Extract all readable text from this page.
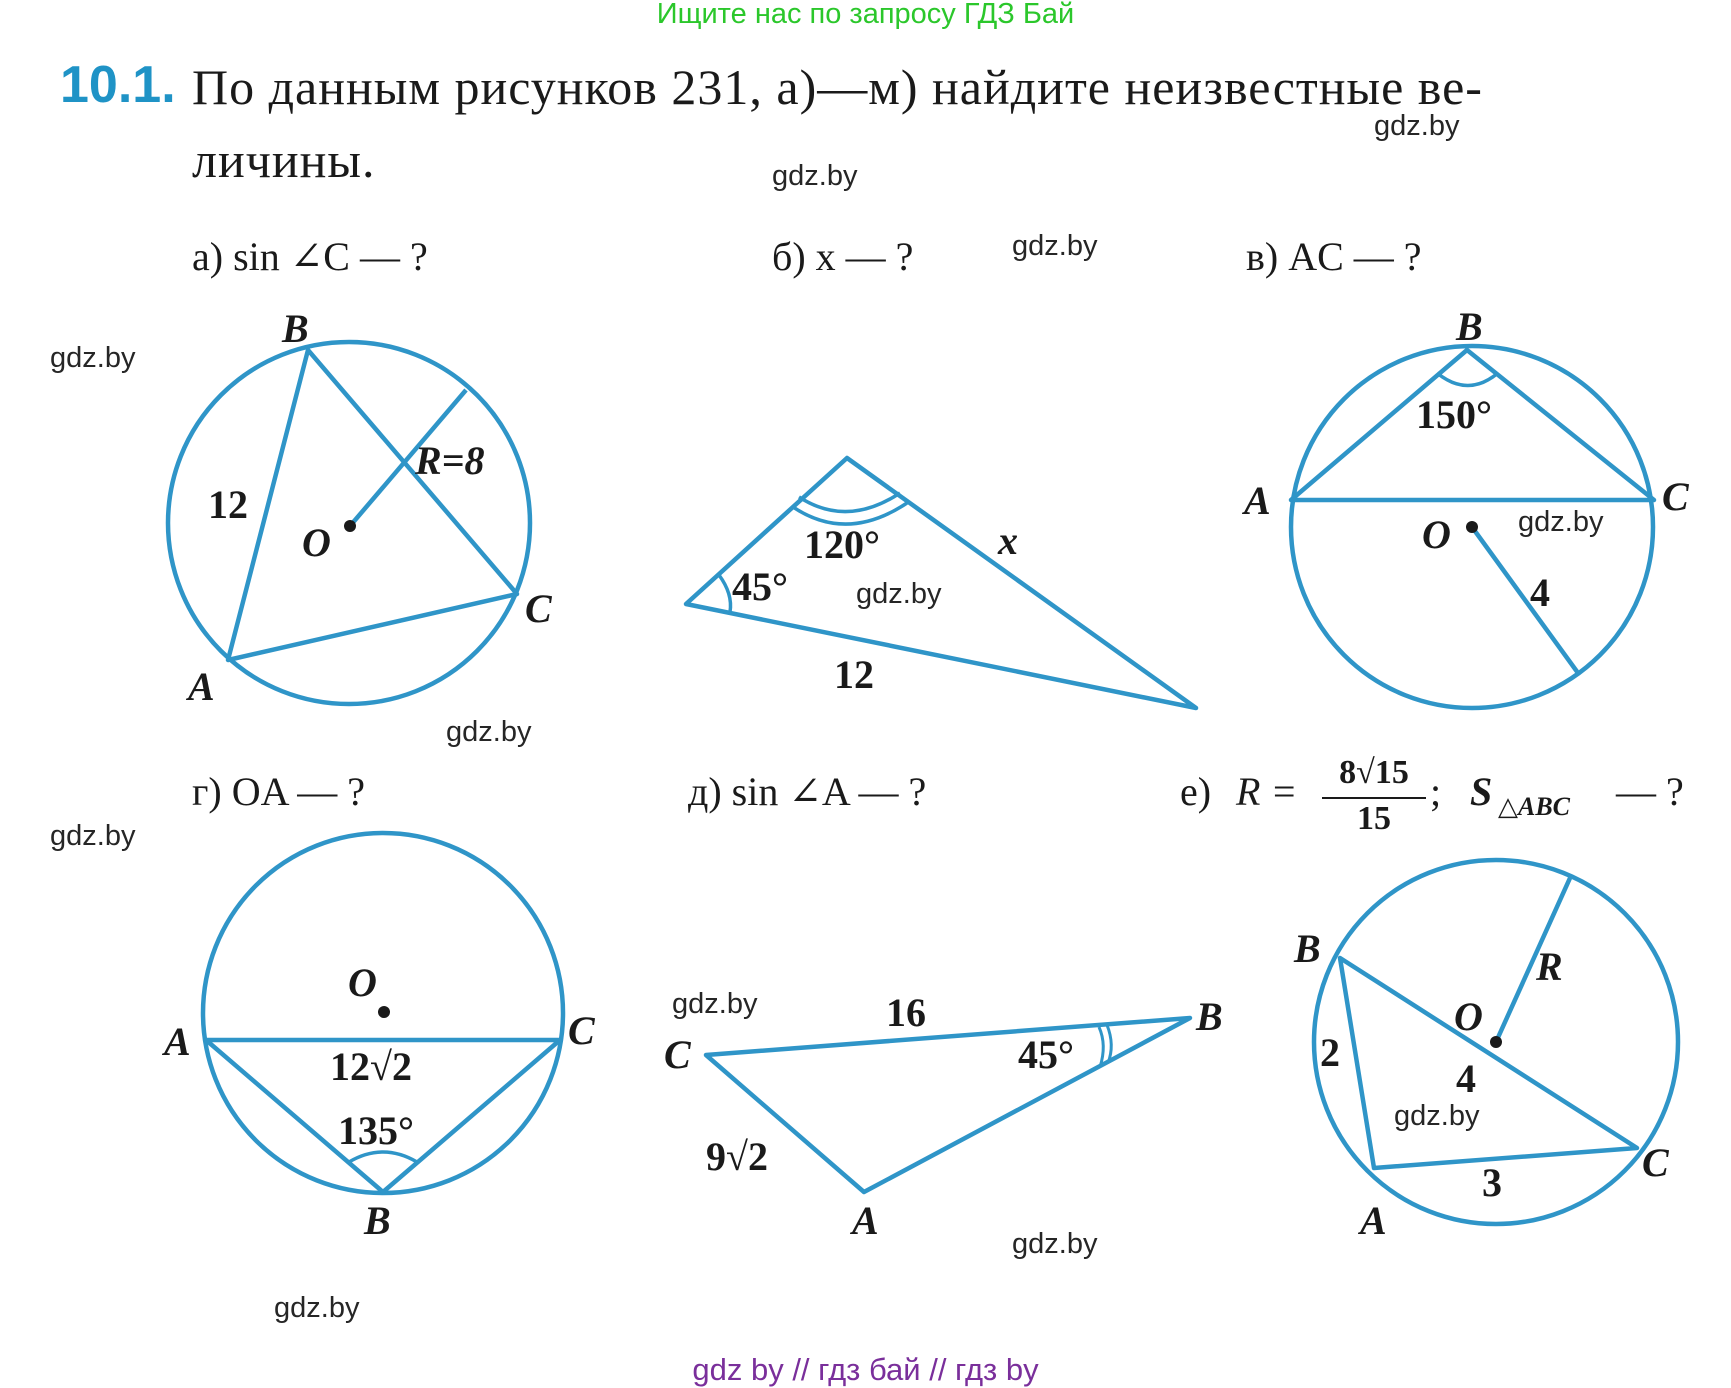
Ищите нас по запросу ГДЗ Бай
10.1. По данным рисунков 231, а)—м) найдите неизвестные ве-
личины.
а) sin ∠C — ?	б) x — ?	в) AC — ?
г) OA — ?	д) sin ∠A — ?	е) R =	8√15
15
; S △ABC — ?
B
A
C
O
12
R=8
120°
45°
x
12
B
A	C
O
150°
4
A	C
B
O
12√2
135°
C
B
A
16
9√2
45°
B
A
C
O
R
2
4
3
gdz.by
gdz.by
gdz.by
gdz.by
gdz.by
gdz.by
gdz.by
gdz.by
gdz.by
gdz.by
gdz.by
gdz.by
gdz by // гдз бай // гдз by
